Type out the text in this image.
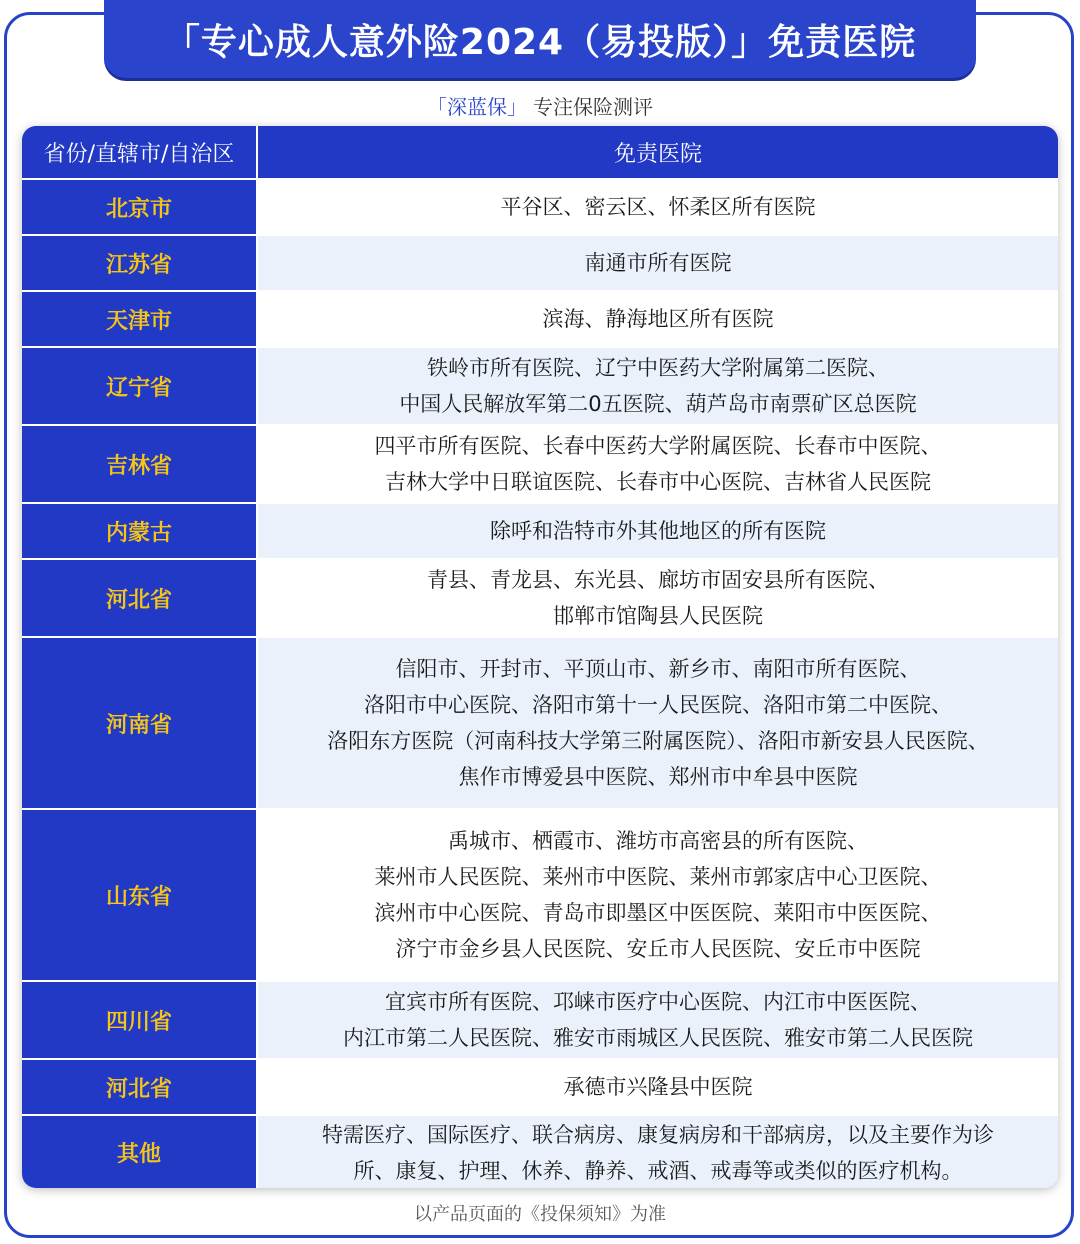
「专心成人意外险2024（易投版）」免责医院
「深蓝保」 专注保险测评
省份/直辖市/自治区	免责医院
北京市	平谷区、密云区、怀柔区所有医院

江苏省	南通市所有医院

天津市	滨海、静海地区所有医院

辽宁省	铁岭市所有医院、辽宁中医药大学附属第二医院、
中国人民解放军第二0五医院、葫芦岛市南票矿区总医院

吉林省	四平市所有医院、长春中医药大学附属医院、长春市中医院、
吉林大学中日联谊医院、长春市中心医院、吉林省人民医院

内蒙古	除呼和浩特市外其他地区的所有医院

河北省	青县、青龙县、东光县、廊坊市固安县所有医院、
邯郸市馆陶县人民医院

河南省	信阳市、开封市、平顶山市、新乡市、南阳市所有医院、
洛阳市中心医院、洛阳市第十一人民医院、洛阳市第二中医院、
洛阳东方医院（河南科技大学第三附属医院）、洛阳市新安县人民医院、
焦作市博爱县中医院、郑州市中牟县中医院

山东省	禹城市、栖霞市、潍坊市高密县的所有医院、
莱州市人民医院、莱州市中医院、莱州市郭家店中心卫医院、
滨州市中心医院、青岛市即墨区中医医院、莱阳市中医医院、
济宁市金乡县人民医院、安丘市人民医院、安丘市中医院

四川省	宜宾市所有医院、邛崃市医疗中心医院、内江市中医医院、
内江市第二人民医院、雅安市雨城区人民医院、雅安市第二人民医院

河北省	承德市兴隆县中医院

其他	特需医疗、国际医疗、联合病房、康复病房和干部病房，以及主要作为诊
所、康复、护理、休养、静养、戒酒、戒毒等或类似的医疗机构。
以产品页面的《投保须知》为准
